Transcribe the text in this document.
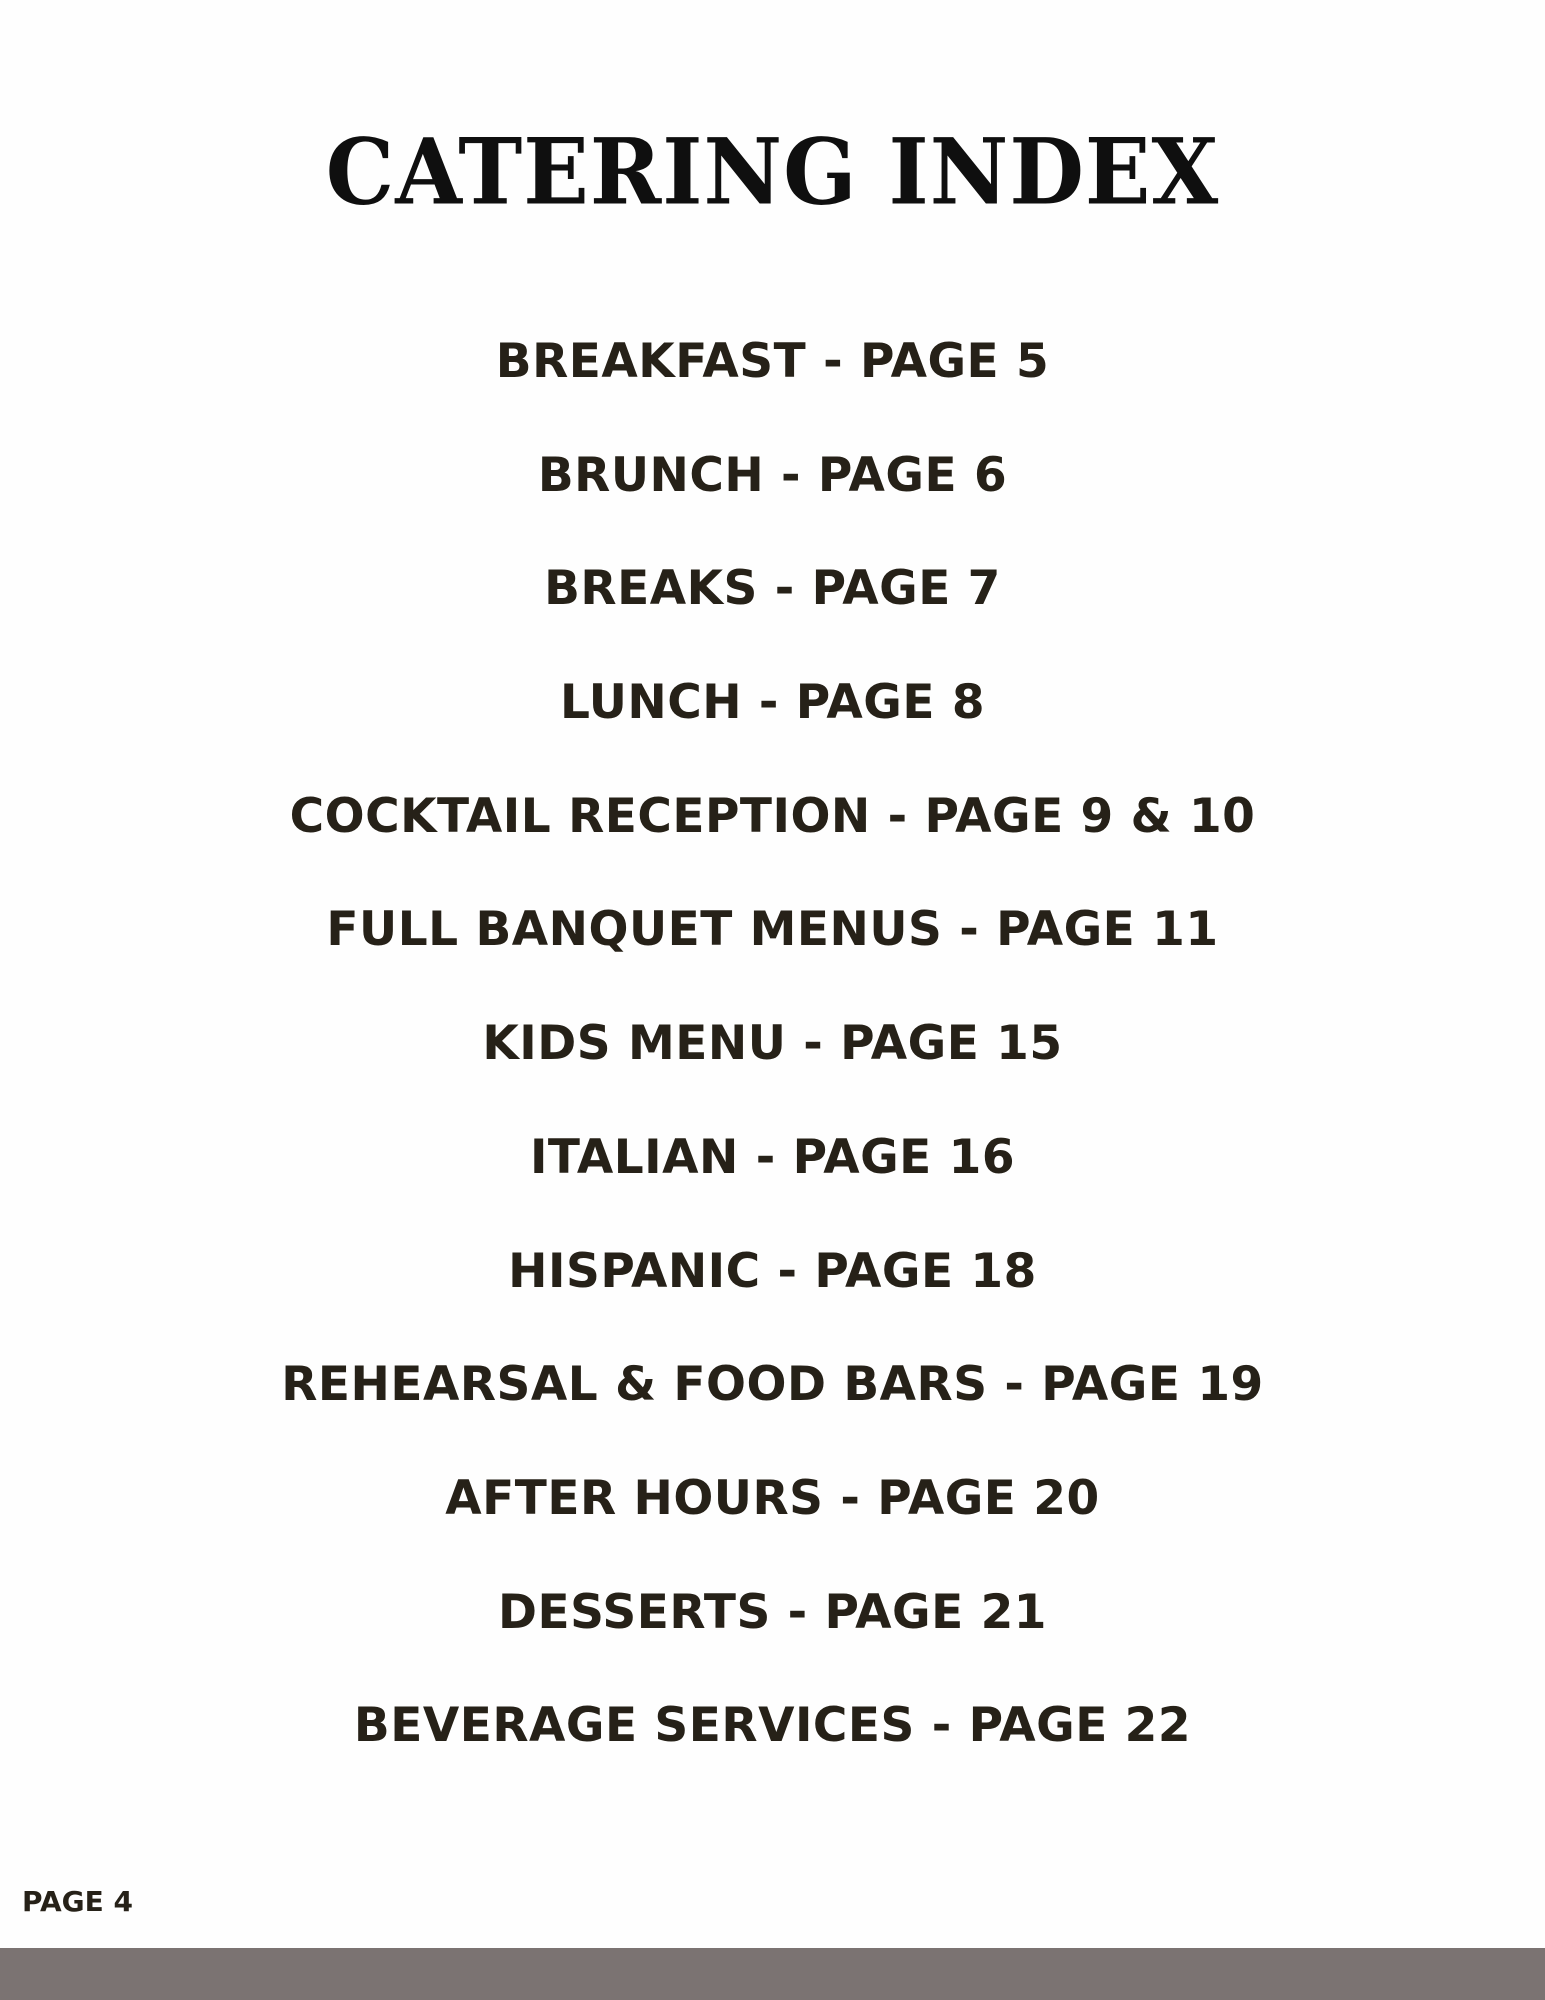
CATERING INDEX
BREAKFAST - PAGE 5
BRUNCH - PAGE 6
BREAKS - PAGE 7
LUNCH - PAGE 8
COCKTAIL RECEPTION - PAGE 9 & 10
FULL BANQUET MENUS - PAGE 11
KIDS MENU - PAGE 15
ITALIAN - PAGE 16
HISPANIC - PAGE 18
REHEARSAL & FOOD BARS - PAGE 19
AFTER HOURS - PAGE 20
DESSERTS - PAGE 21
BEVERAGE SERVICES - PAGE 22

PAGE 4
